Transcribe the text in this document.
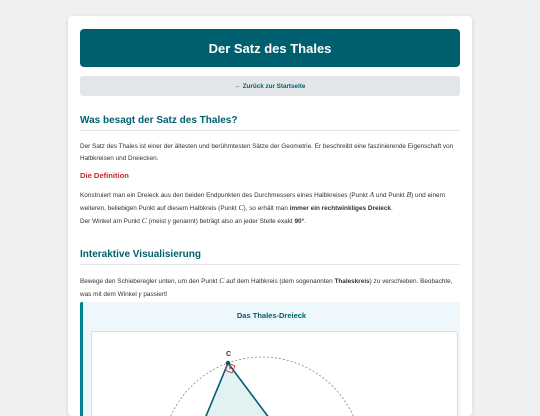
Der Satz des Thales
← Zurück zur Startseite
Was besagt der Satz des Thales?

Der Satz des Thales ist einer der ältesten und berühmtesten Sätze der Geometrie. Er beschreibt eine faszinierende Eigenschaft von Halbkreisen und Dreiecken.

Die Definition

Konstruiert man ein Dreieck aus den beiden Endpunkten des Durchmessers eines Halbkreises (Punkt A und Punkt B) und einem weiteren, beliebigen Punkt auf diesem Halbkreis (Punkt C), so erhält man immer ein rechtwinkliges Dreieck.

Der Winkel am Punkt C (meist γ genannt) beträgt also an jeder Stelle exakt 90°.

Interaktive Visualisierung

Bewege den Schieberegler unten, um den Punkt C auf dem Halbkreis (dem sogenannten Thaleskreis) zu verschieben. Beobachte, was mit dem Winkel γ passiert!

Das Thales-Dreieck
C
